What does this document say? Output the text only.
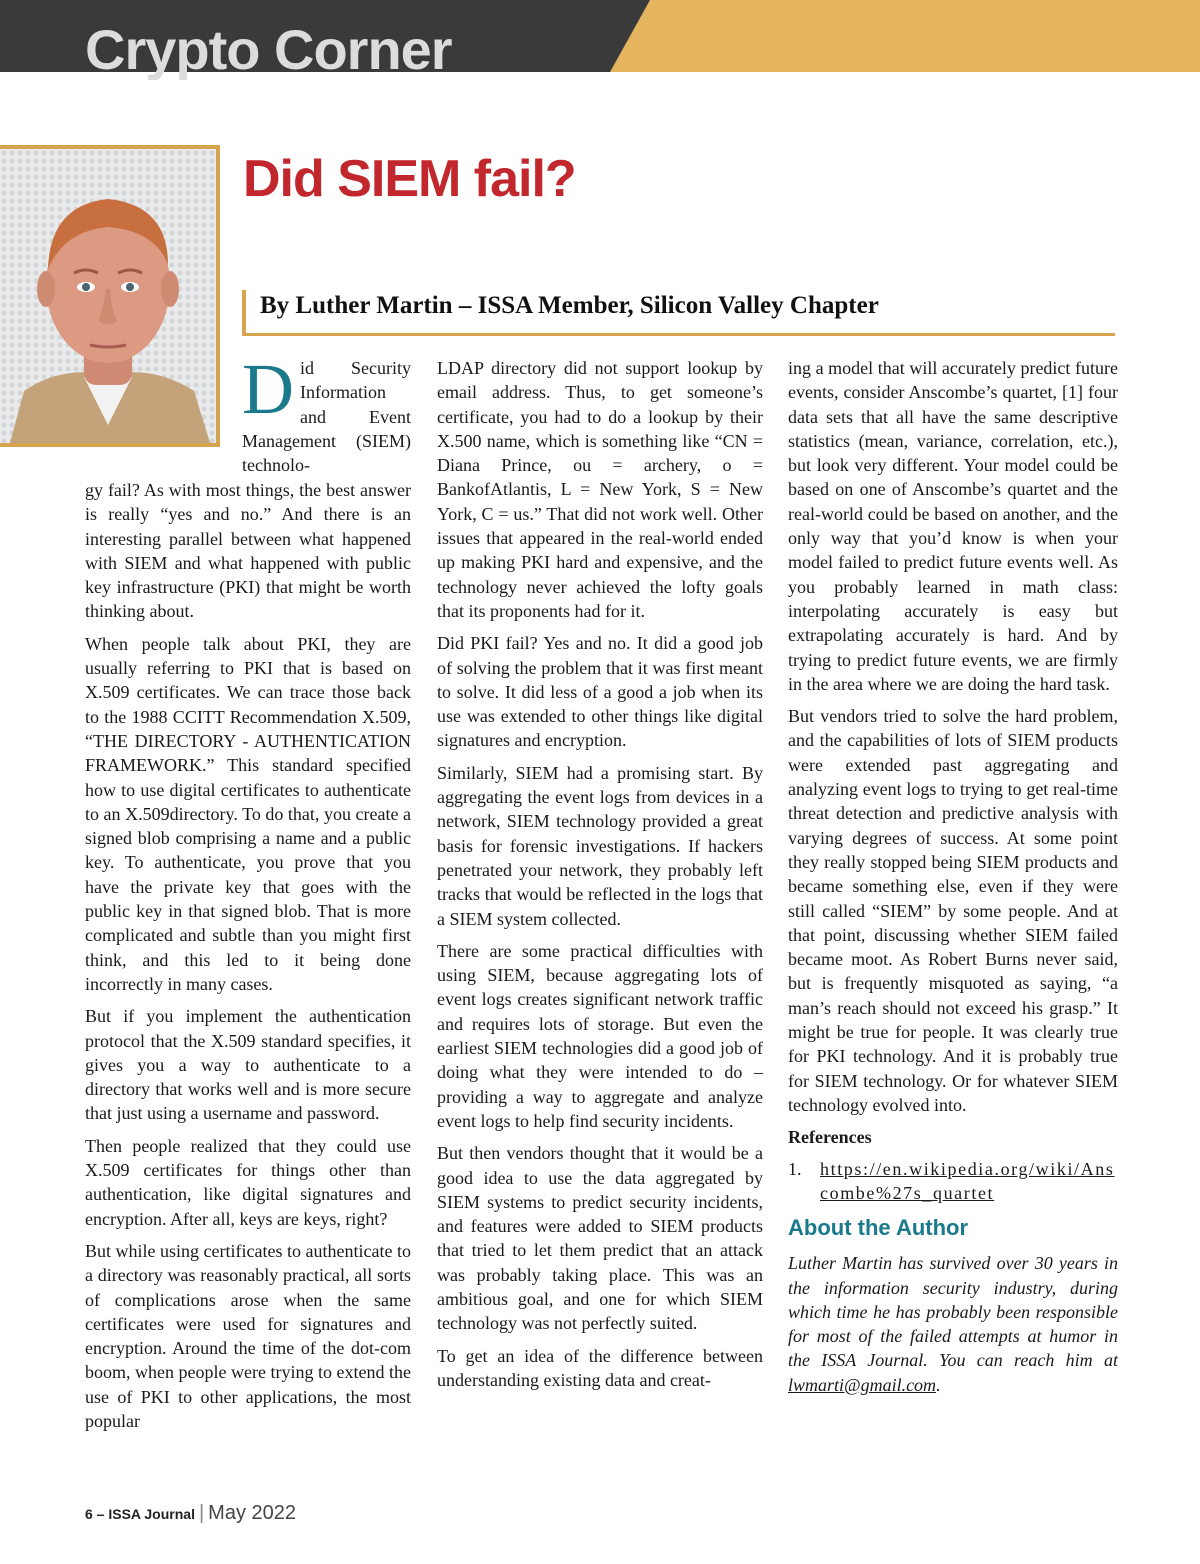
Crypto Corner
Did SIEM fail?

By Luther Martin – ISSA Member, Silicon Valley Chapter

Did Security Information and Event Management (SIEM) technolo-

gy fail? As with most things, the best answer is really “yes and no.” And there is an interesting parallel between what happened with SIEM and what happened with public key infrastructure (PKI) that might be worth thinking about.

When people talk about PKI, they are usually referring to PKI that is based on X.509 certificates. We can trace those back to the 1988 CCITT Recommendation X.509, “THE DIRECTORY - AUTHENTICATION FRAMEWORK.” This standard specified how to use digital certificates to authenticate to an X.509directory. To do that, you create a signed blob comprising a name and a public key. To authenticate, you prove that you have the private key that goes with the public key in that signed blob. That is more complicated and subtle than you might first think, and this led to it being done incorrectly in many cases.

But if you implement the authentication protocol that the X.509 standard specifies, it gives you a way to authenticate to a directory that works well and is more secure that just using a username and password.

Then people realized that they could use X.509 certificates for things other than authentication, like digital signatures and encryption. After all, keys are keys, right?

But while using certificates to authenticate to a directory was reasonably practical, all sorts of complications arose when the same certificates were used for signatures and encryption. Around the time of the dot-com boom, when people were trying to extend the use of PKI to other applications, the most popular

LDAP directory did not support lookup by email address. Thus, to get someone’s certificate, you had to do a lookup by their X.500 name, which is something like “CN = Diana Prince, ou = archery, o = BankofAtlantis, L = New York, S = New York, C = us.” That did not work well. Other issues that appeared in the real-world ended up making PKI hard and expensive, and the technology never achieved the lofty goals that its proponents had for it.

Did PKI fail? Yes and no. It did a good job of solving the problem that it was first meant to solve. It did less of a good a job when its use was extended to other things like digital signatures and encryption.

Similarly, SIEM had a promising start. By aggregating the event logs from devices in a network, SIEM technology provided a great basis for forensic investigations. If hackers penetrated your network, they probably left tracks that would be reflected in the logs that a SIEM system collected.

There are some practical difficulties with using SIEM, because aggregating lots of event logs creates significant network traffic and requires lots of storage. But even the earliest SIEM technologies did a good job of doing what they were intended to do – providing a way to aggregate and analyze event logs to help find security incidents.

But then vendors thought that it would be a good idea to use the data aggregated by SIEM systems to predict security incidents, and features were added to SIEM products that tried to let them predict that an attack was probably taking place. This was an ambitious goal, and one for which SIEM technology was not perfectly suited.

To get an idea of the difference between understanding existing data and creat-

ing a model that will accurately predict future events, consider Anscombe’s quartet, [1] four data sets that all have the same descriptive statistics (mean, variance, correlation, etc.), but look very different. Your model could be based on one of Anscombe’s quartet and the real-world could be based on another, and the only way that you’d know is when your model failed to predict future events well. As you probably learned in math class: interpolating accurately is easy but extrapolating accurately is hard. And by trying to predict future events, we are firmly in the area where we are doing the hard task.

But vendors tried to solve the hard problem, and the capabilities of lots of SIEM products were extended past aggregating and analyzing event logs to trying to get real-time threat detection and predictive analysis with varying degrees of success. At some point they really stopped being SIEM products and became something else, even if they were still called “SIEM” by some people. And at that point, discussing whether SIEM failed became moot. As Robert Burns never said, but is frequently misquoted as saying, “a man’s reach should not exceed his grasp.” It might be true for people. It was clearly true for PKI technology. And it is probably true for SIEM technology. Or for whatever SIEM technology evolved into.

References

1. https://en.wikipedia.org/wiki/Anscombe%27s_quartet

About the Author

Luther Martin has survived over 30 years in the information security industry, during which time he has probably been responsible for most of the failed attempts at humor in the ISSA Journal. You can reach him at lwmarti@gmail.com.

6 – ISSA Journal | May 2022
